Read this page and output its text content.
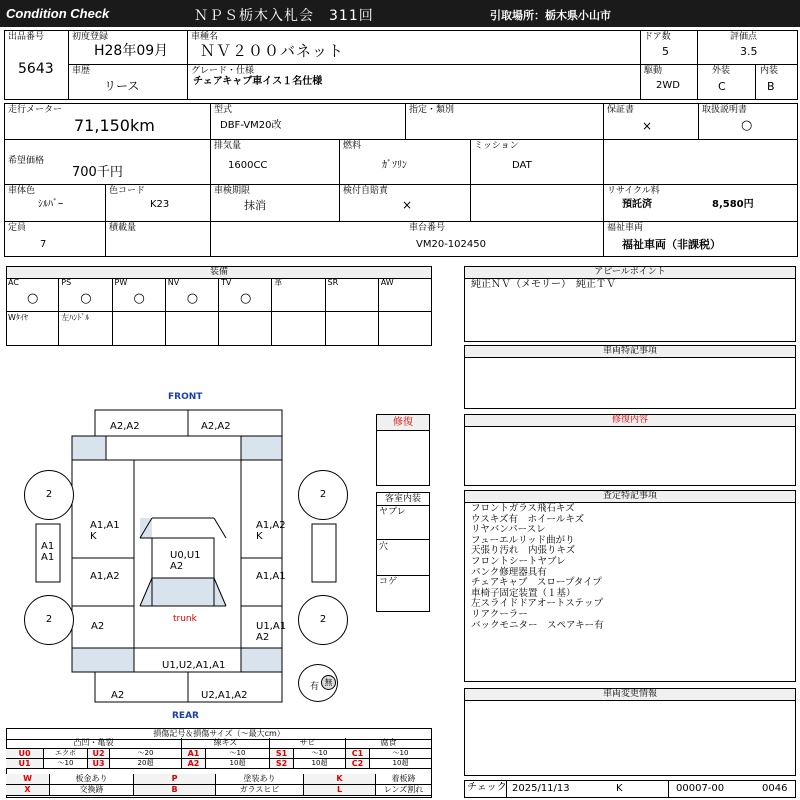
Condition Check	ＮＰＳ栃木入札会　 311回	引取場所：栃木県小山市
出品番号
5643
初度登録
H28年09月
車種名
ＮＶ２００バネット
ドア数
5
評価点
3.5
車歴
リース
グレード・仕様
チェアキャブ車イス１名仕様
駆動
2WD
外装
C
内装
B
走行メーター
71,150km
型式
DBF-VM20改
指定・類別	保証書
×
取扱説明書
○
希望価格
700千円
排気量
1600CC
燃料
ｶﾞｿﾘﾝ
ミッション
DAT
車体色
ｼﾙﾊﾞｰ
色コード
K23
車検期限
抹消
検付自賠責
×
リサイクル料
預託済	8,580円
定員
7
積載量	車台番号
VM20-102450
福祉車両
福祉車両（非課税）
装備
AC
○
PS
○
PW
○
NV
○
TV
○
革	SR	AW
Wﾀｲﾔ	左ﾊﾝﾄﾞﾙ
アピールポイント
純正ＮＶ（メモリー）　純正ＴＶ
車両特記事項
修復内容
査定特記事項
フロントガラス飛石キズ
ウスキズ有　ホイールキズ
リヤバンパースレ
フューエルリッド曲がり
天張り汚れ　内張りキズ
フロントシートヤブレ
パンク修理器具有
チェアキャブ　スロープタイプ
車椅子固定装置（１基）
左スライドドアオートステップ
リアクーラー
バックモニター　スペアキー有
車両変更情報
チェック 2025/11/13	K	00007-00	0046
修復
客室内装
ヤブレ
穴
コゲ
FRONT
REAR
2	2
2	2
A2,A2	A2,A2
A1,A1
K
A1,A2
K
A1
A1	U0,U1
A2
A1,A2	A1,A1
trunk
A2	U1,A1
A2
U1,U2,A1,A1
A2	U2,A1,A2
有 無
損傷記号＆損傷サイズ（～最大cm）
凸凹・亀裂	線キズ	サビ	腐食
U0	エクボ	U2	～20	A1	～10	S1	～10	C1	～10
U1	～10	U3	20超	A2	10超	S2	10超	C2	10超
W	板金あり	P	塗装あり	K	着板跡
X	交換跡	B	ガラスヒビ	L	レンズ割れ
